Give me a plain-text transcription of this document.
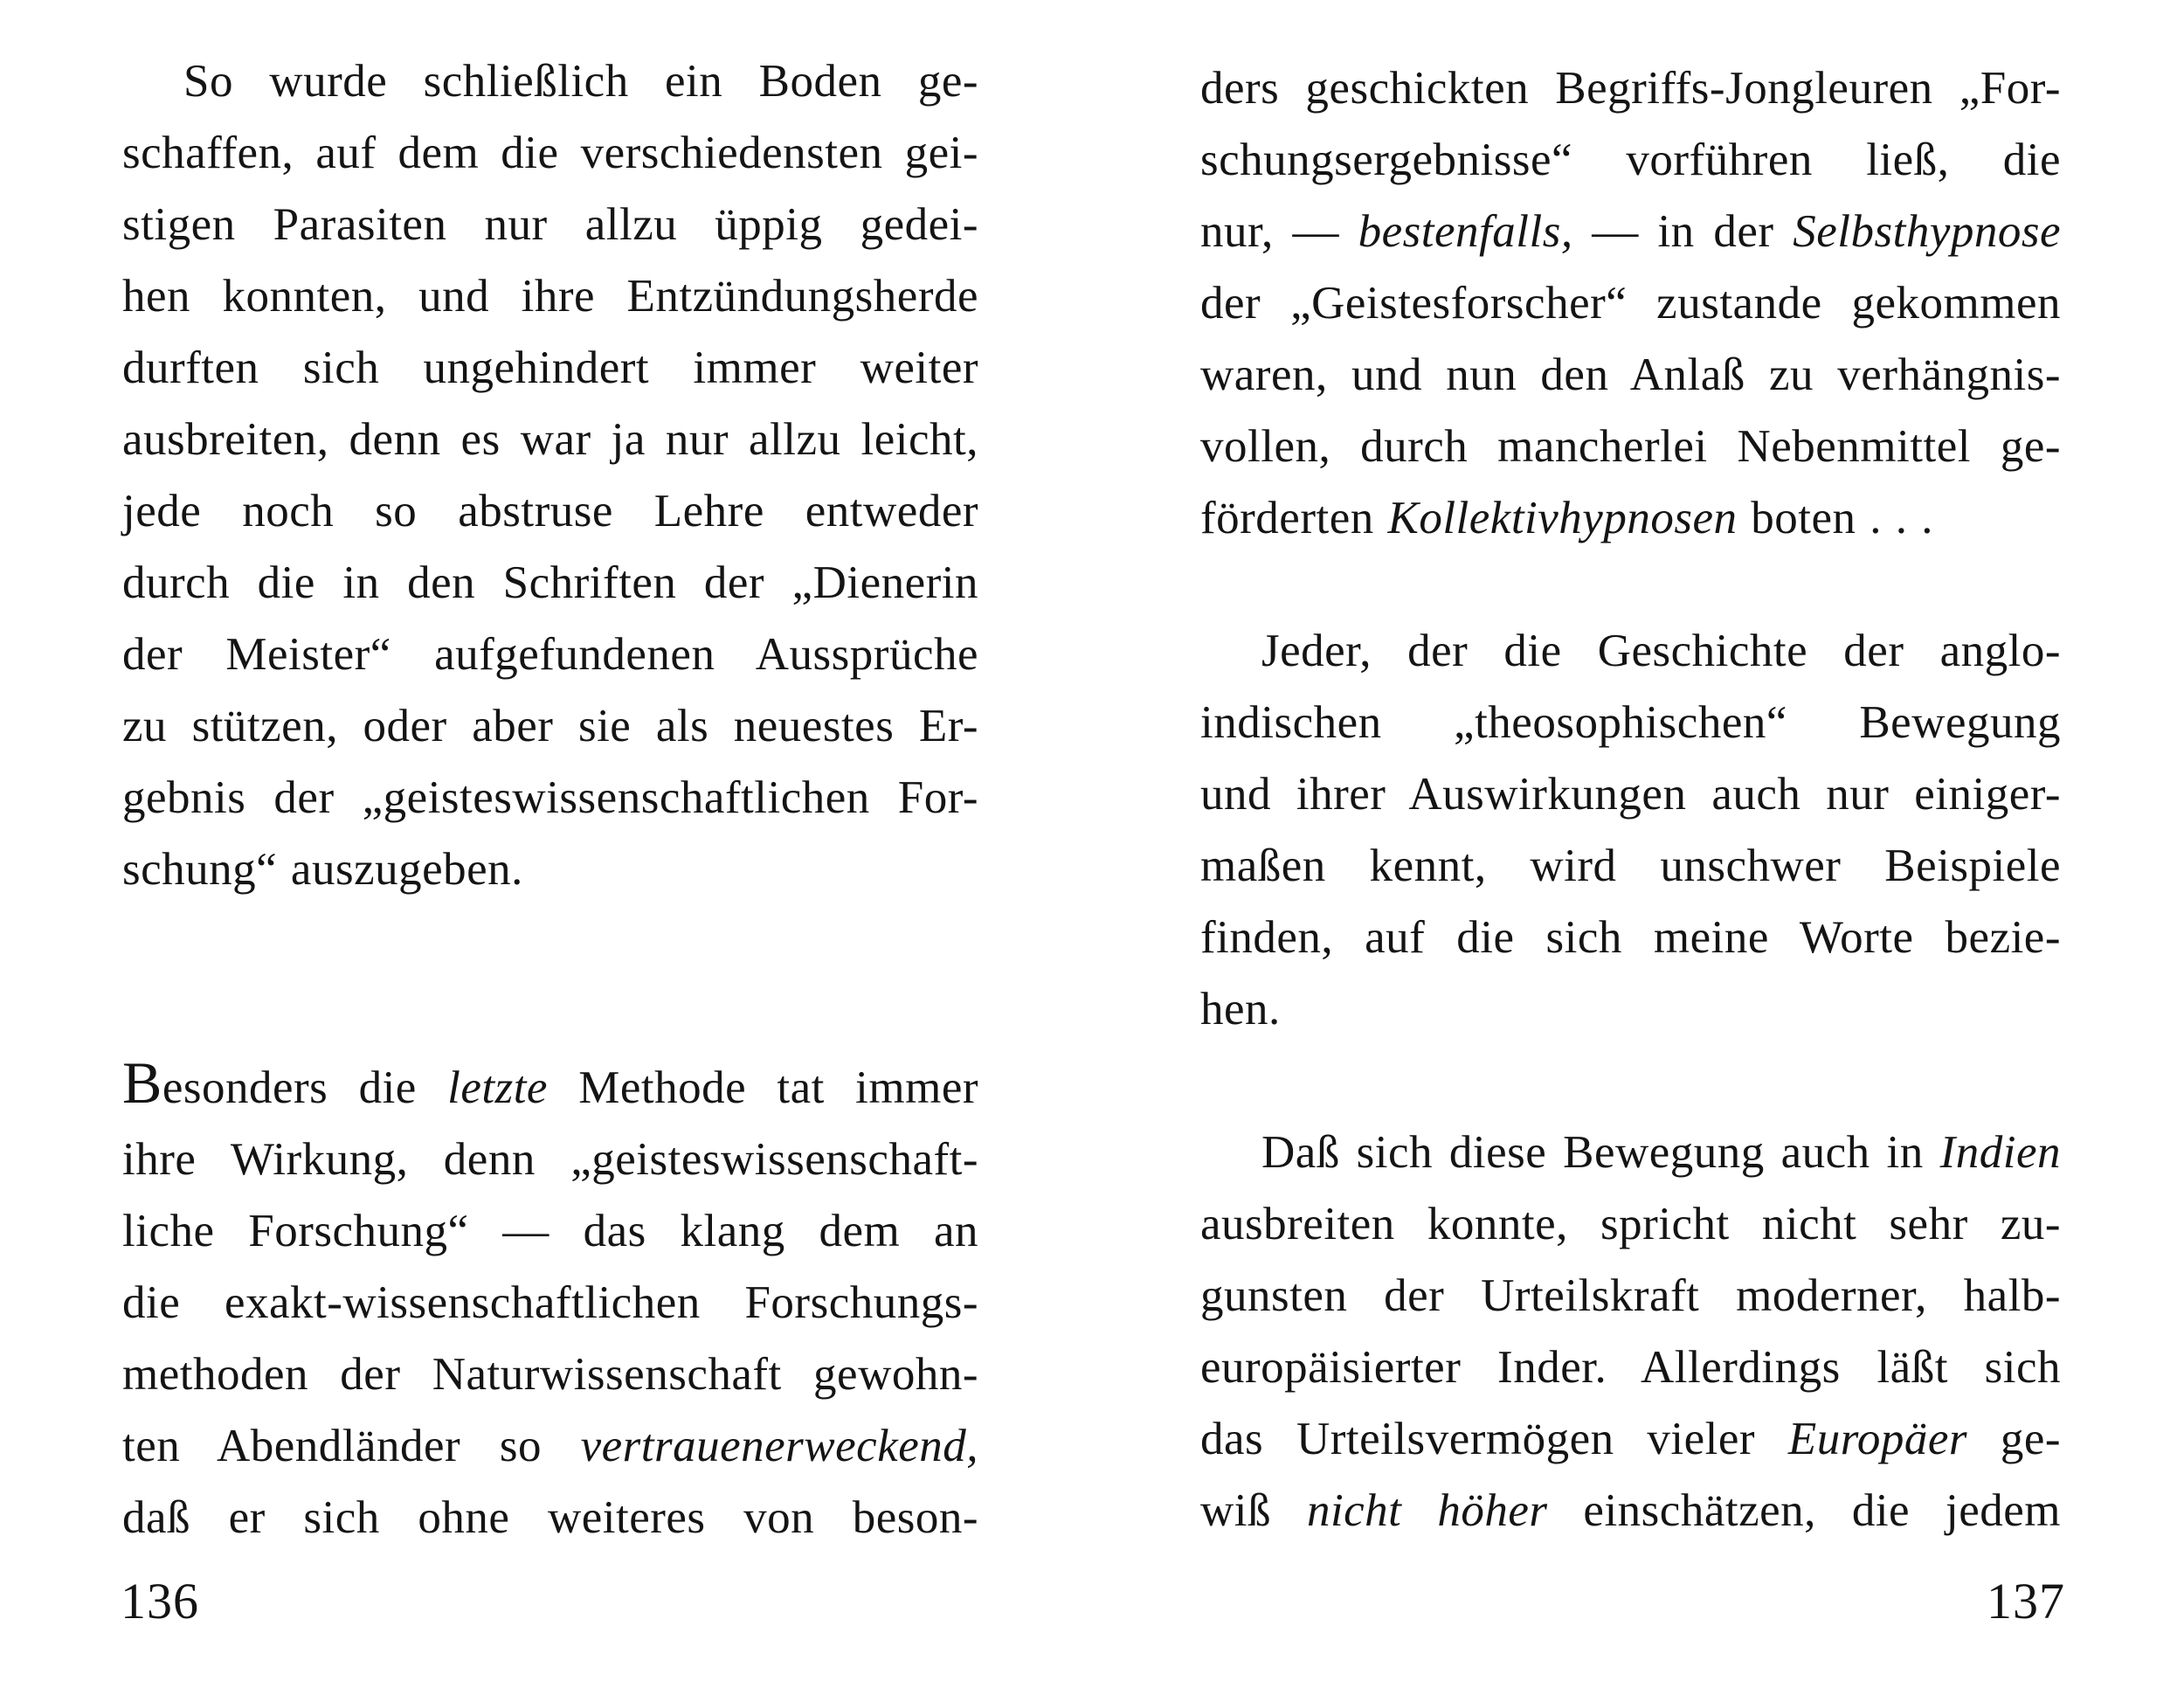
So wurde schließlich ein Boden ge-
schaffen, auf dem die verschiedensten gei-
stigen Parasiten nur allzu üppig gedei-
hen konnten, und ihre Entzündungsherde
durften sich ungehindert immer weiter
ausbreiten, denn es war ja nur allzu leicht,
jede noch so abstruse Lehre entweder
durch die in den Schriften der „Dienerin
der Meister“ aufgefundenen Aussprüche
zu stützen, oder aber sie als neuestes Er-
gebnis der „geisteswissenschaftlichen For-
schung“ auszugeben.
Besonders die letzte Methode tat immer
ihre Wirkung, denn „geisteswissenschaft-
liche Forschung“ — das klang dem an
die exakt-wissenschaftlichen Forschungs-
methoden der Naturwissenschaft gewohn-
ten Abendländer so vertrauenerweckend,
daß er sich ohne weiteres von beson-
136
ders geschickten Begriffs-Jongleuren „For-
schungsergebnisse“ vorführen ließ, die
nur, — bestenfalls, — in der Selbsthypnose
der „Geistesforscher“ zustande gekommen
waren, und nun den Anlaß zu verhängnis-
vollen, durch mancherlei Nebenmittel ge-
förderten Kollektivhypnosen boten . . .
Jeder, der die Geschichte der anglo-
indischen „theosophischen“ Bewegung
und ihrer Auswirkungen auch nur einiger-
maßen kennt, wird unschwer Beispiele
finden, auf die sich meine Worte bezie-
hen.
Daß sich diese Bewegung auch in Indien
ausbreiten konnte, spricht nicht sehr zu-
gunsten der Urteilskraft moderner, halb-
europäisierter Inder. Allerdings läßt sich
das Urteilsvermögen vieler Europäer ge-
wiß nicht höher einschätzen, die jedem
137
